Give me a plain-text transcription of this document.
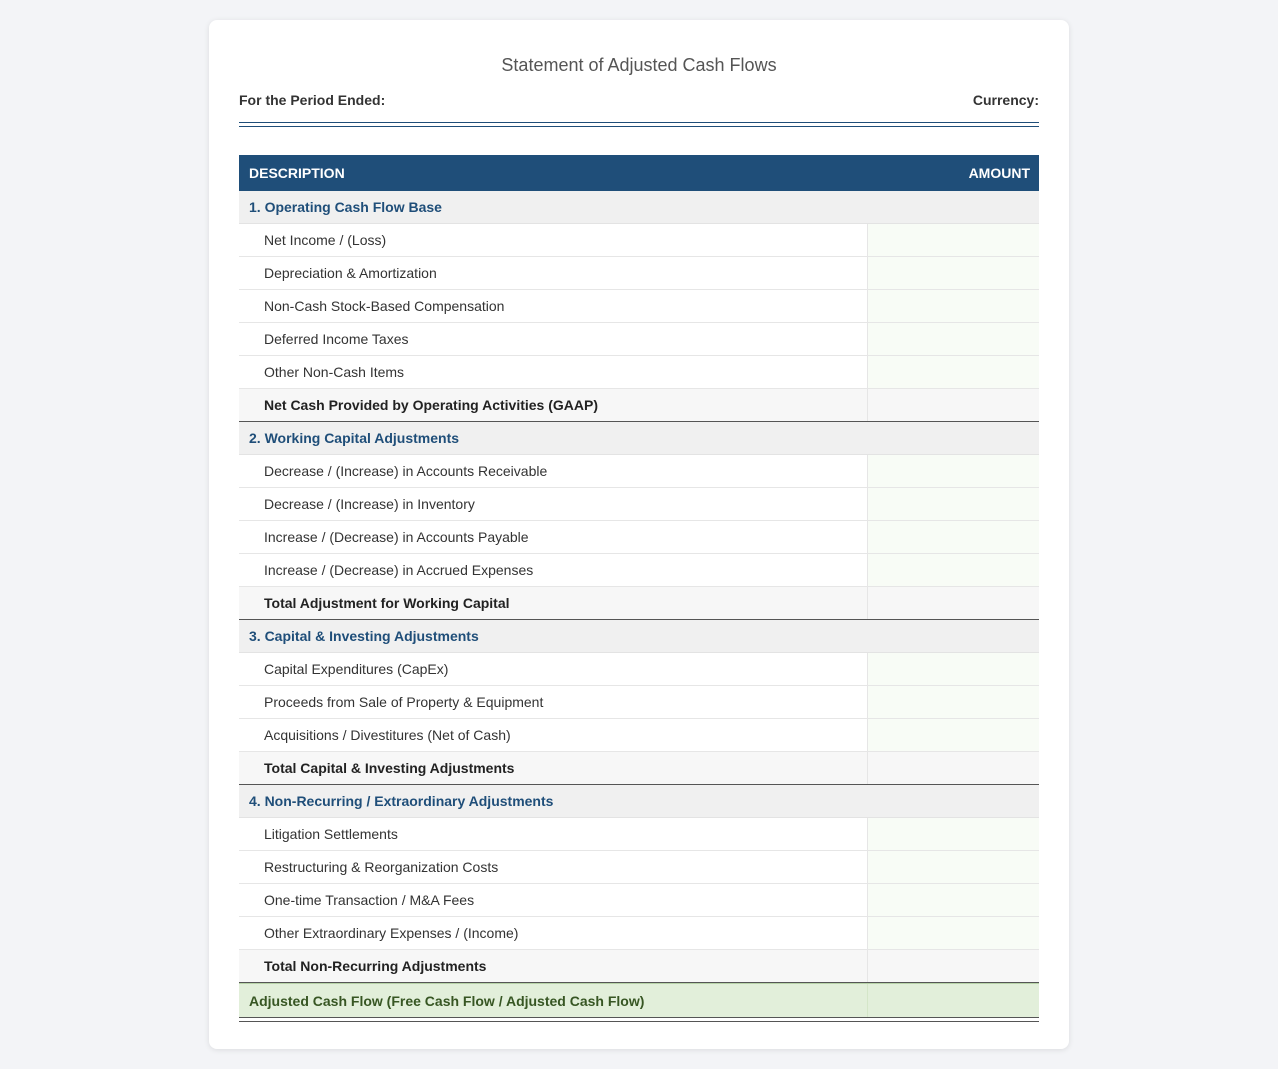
Statement of Adjusted Cash Flows
For the Period Ended:	Currency:
DESCRIPTION	AMOUNT
1. Operating Cash Flow Base
Net Income / (Loss)
Depreciation & Amortization
Non-Cash Stock-Based Compensation
Deferred Income Taxes
Other Non-Cash Items
Net Cash Provided by Operating Activities (GAAP)
2. Working Capital Adjustments
Decrease / (Increase) in Accounts Receivable
Decrease / (Increase) in Inventory
Increase / (Decrease) in Accounts Payable
Increase / (Decrease) in Accrued Expenses
Total Adjustment for Working Capital
3. Capital & Investing Adjustments
Capital Expenditures (CapEx)
Proceeds from Sale of Property & Equipment
Acquisitions / Divestitures (Net of Cash)
Total Capital & Investing Adjustments
4. Non-Recurring / Extraordinary Adjustments
Litigation Settlements
Restructuring & Reorganization Costs
One-time Transaction / M&A Fees
Other Extraordinary Expenses / (Income)
Total Non-Recurring Adjustments
Adjusted Cash Flow (Free Cash Flow / Adjusted Cash Flow)
